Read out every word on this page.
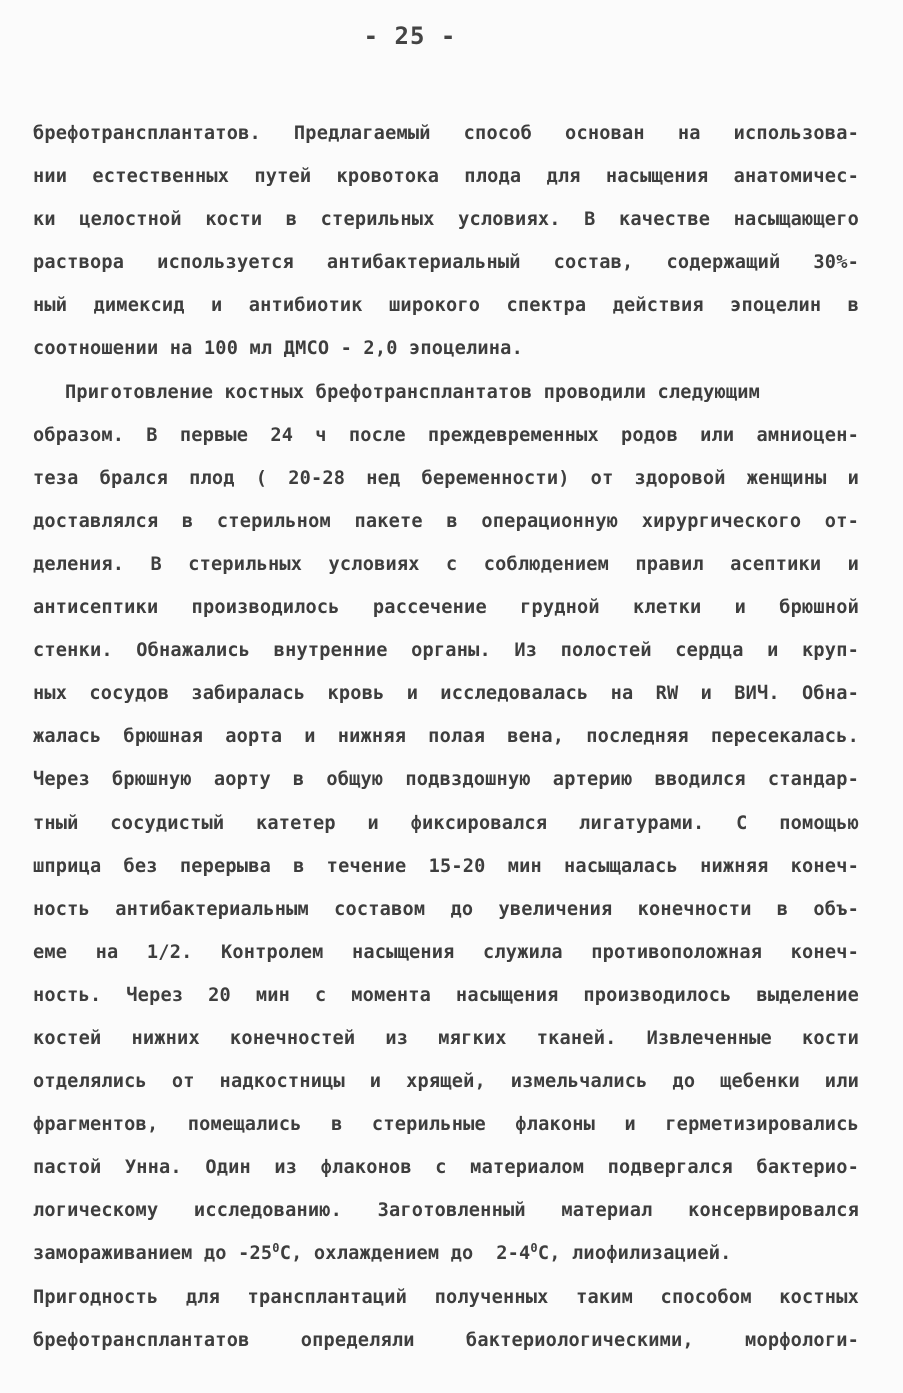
- 25 -
брефотрансплантатов. Предлагаемый способ основан на использова-
нии естественных путей кровотока плода для насыщения анатомичес-
ки целостной кости в стерильных условиях. В качестве насыщающего
раствора используется антибактериальный состав, содержащий 30%-
ный димексид и антибиотик широкого спектра действия эпоцелин в
соотношении на 100 мл ДМСО - 2,0 эпоцелина.
Приготовление костных брефотрансплантатов проводили следующим
образом. В первые 24 ч после преждевременных родов или амниоцен-
теза брался плод ( 20-28 нед беременности) от здоровой женщины и
доставлялся в стерильном пакете в операционную хирургического от-
деления. В стерильных условиях с соблюдением правил асептики и
антисептики производилось рассечение грудной клетки и брюшной
стенки. Обнажались внутренние органы. Из полостей сердца и круп-
ных сосудов забиралась кровь и исследовалась на RW и ВИЧ. Обна-
жалась брюшная аорта и нижняя полая вена, последняя пересекалась.
Через брюшную аорту в общую подвздошную артерию вводился стандар-
тный сосудистый катетер и фиксировался лигатурами. С помощью
шприца без перерыва в течение 15-20 мин насыщалась нижняя конеч-
ность антибактериальным составом до увеличения конечности в объ-
еме на 1/2. Контролем насыщения служила противоположная конеч-
ность. Через 20 мин с момента насыщения производилось выделение
костей нижних конечностей из мягких тканей. Извлеченные кости
отделялись от надкостницы и хрящей, измельчались до щебенки или
фрагментов, помещались в стерильные флаконы и герметизировались
пастой Унна. Один из флаконов с материалом подвергался бактерио-
логическому исследованию. Заготовленный материал консервировался
замораживанием до $-25^0С$, охлаждением до  $2-4^0С$, лиофилизацией.
Пригодность для трансплантаций полученных таким способом костных
брефотрансплантатов определяли бактериологическими, морфологи-
